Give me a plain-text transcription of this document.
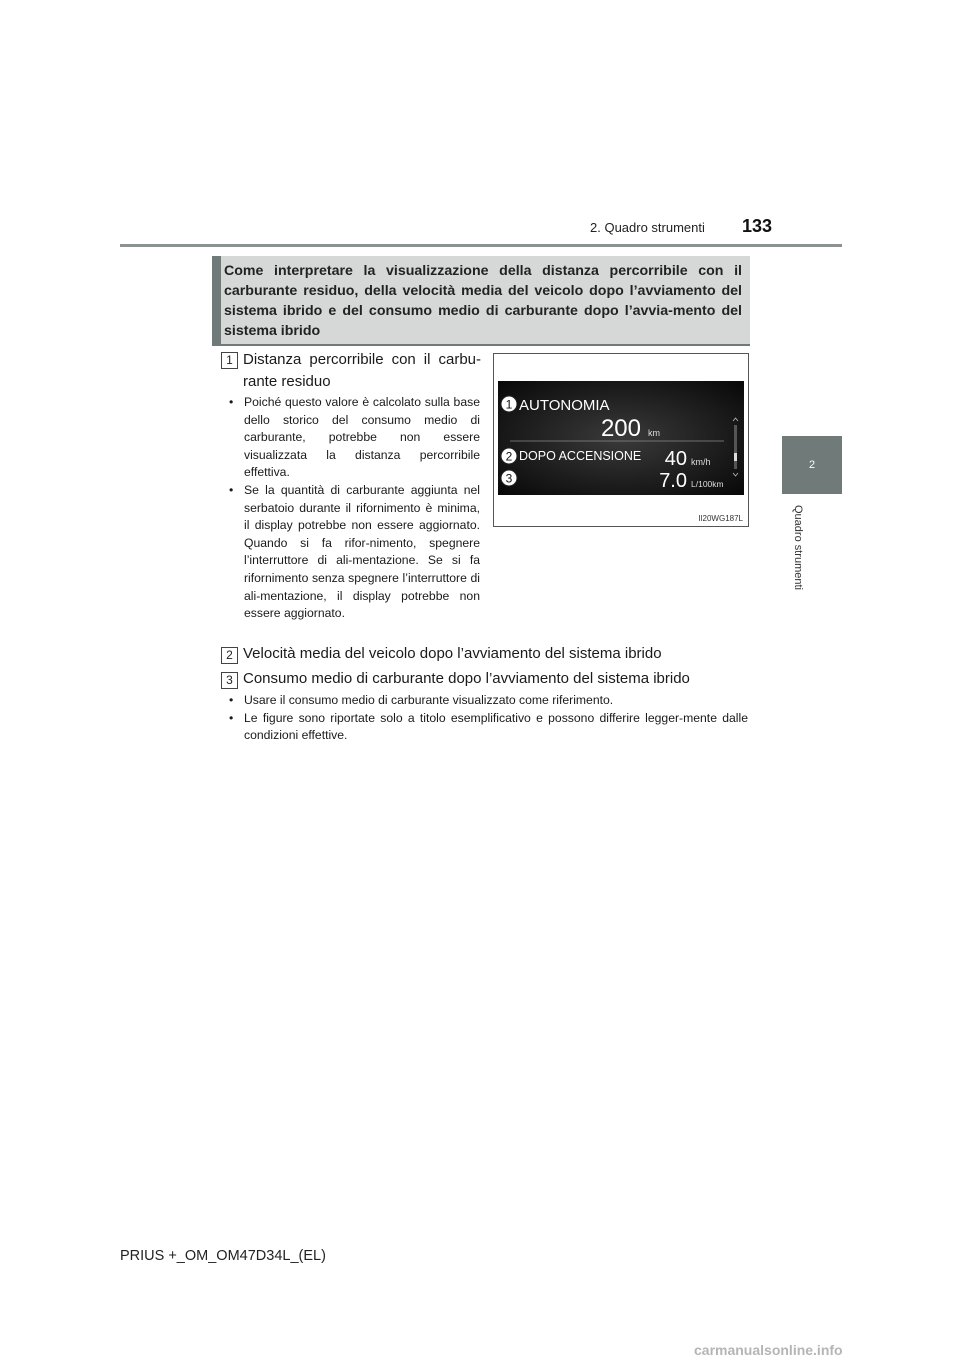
2. Quadro strumenti 133
2
Quadro strumenti
Come interpretare la visualizzazione della distanza percorribile con il carburante residuo, della velocità media del veicolo dopo l’avviamento del sistema ibrido e del consumo medio di carburante dopo l’avvia-mento del sistema ibrido
1 Distanza percorribile con il carbu-rante residuo
• Poiché questo valore è calcolato sulla base dello storico del consumo medio di carburante, potrebbe non essere visualizzata la distanza percorribile effettiva.
• Se la quantità di carburante aggiunta nel serbatoio durante il rifornimento è minima, il display potrebbe non essere aggiornato. Quando si fa rifor-nimento, spegnere l’interruttore di ali-mentazione. Se si fa rifornimento senza spegnere l’interruttore di ali-mentazione, il display potrebbe non essere aggiornato.
1 AUTONOMIA
200 km
2 DOPO ACCENSIONE 40 km/h
3	7.0 L/100km
Il20WG187L
2 Velocità media del veicolo dopo l’avviamento del sistema ibrido
3 Consumo medio di carburante dopo l’avviamento del sistema ibrido
• Usare il consumo medio di carburante visualizzato come riferimento.
• Le figure sono riportate solo a titolo esemplificativo e possono differire legger-mente dalle condizioni effettive.
PRIUS +_OM_OM47D34L_(EL)
carmanualsonline.info
